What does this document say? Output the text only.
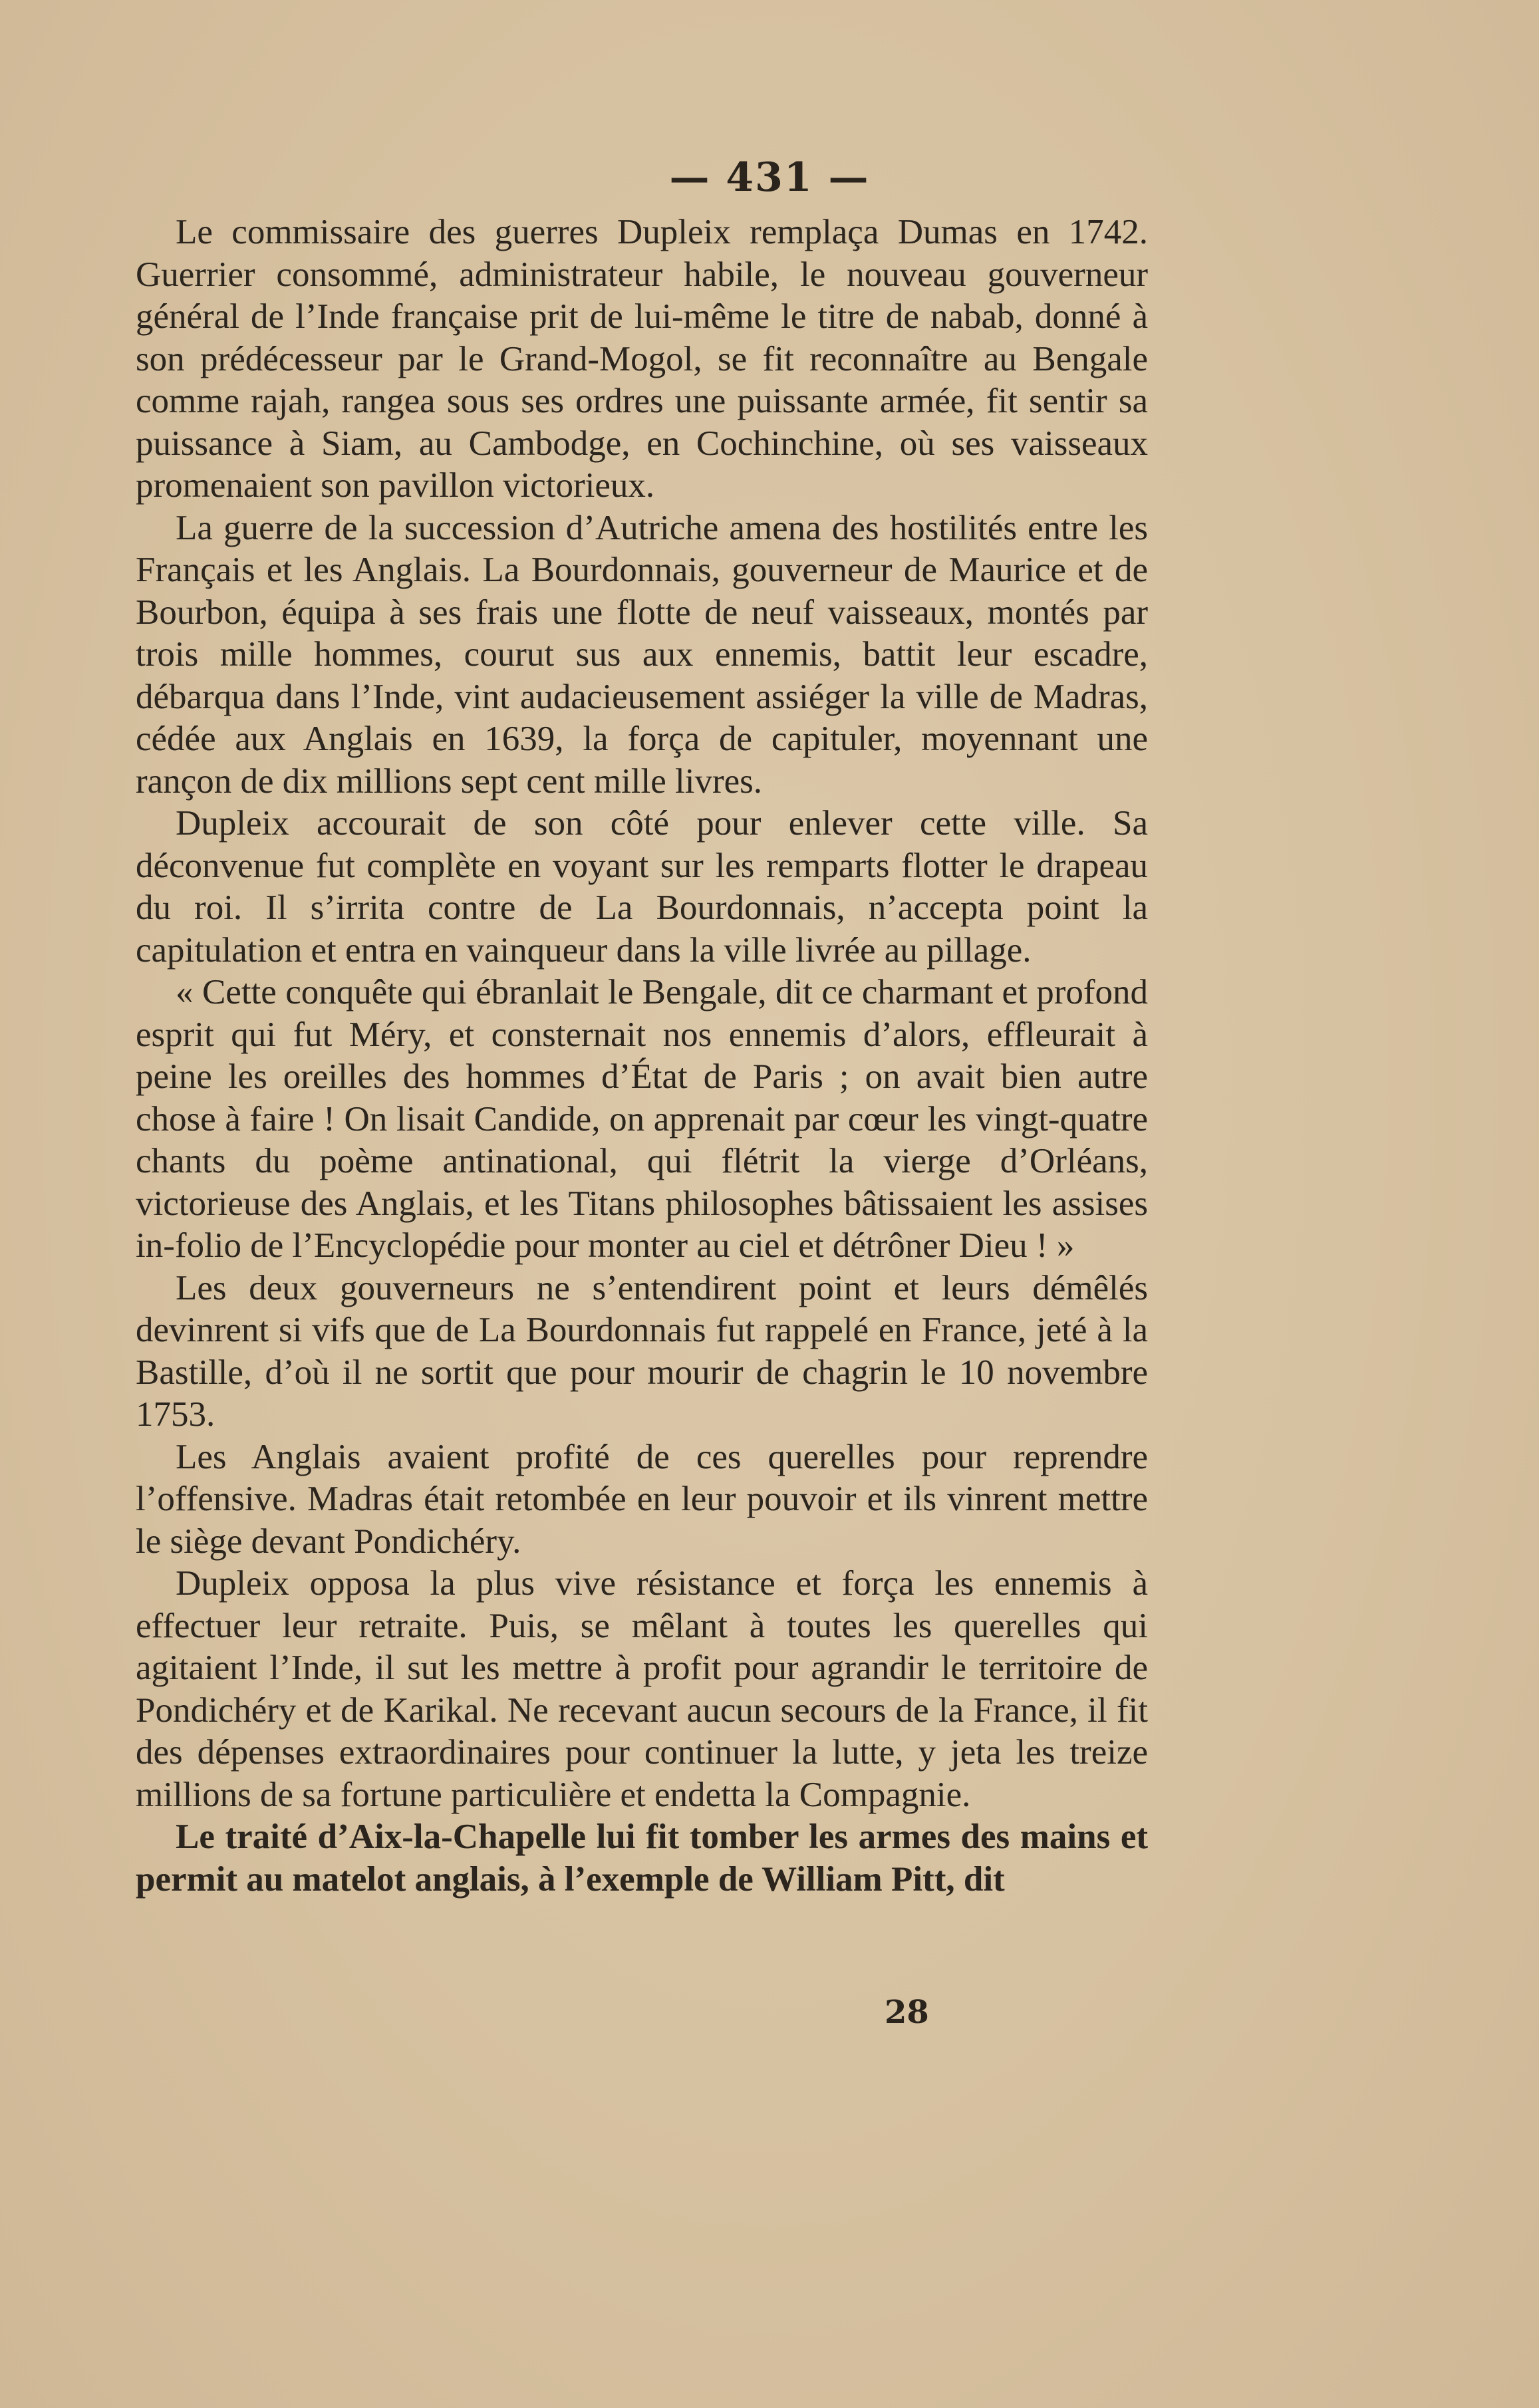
— 431 —

Le commissaire des guerres Dupleix remplaça Dumas en 1742. Guerrier consommé, administrateur habile, le nouveau gouverneur général de l’Inde française prit de lui-même le titre de nabab, donné à son prédécesseur par le Grand-Mogol, se fit reconnaître au Bengale comme rajah, rangea sous ses ordres une puissante armée, fit sentir sa puissance à Siam, au Cambodge, en Cochinchine, où ses vaisseaux promenaient son pavillon victorieux.

La guerre de la succession d’Autriche amena des hostilités entre les Français et les Anglais. La Bourdonnais, gouverneur de Maurice et de Bourbon, équipa à ses frais une flotte de neuf vaisseaux, montés par trois mille hommes, courut sus aux ennemis, battit leur escadre, débarqua dans l’Inde, vint audacieusement assiéger la ville de Madras, cédée aux Anglais en 1639, la força de capituler, moyennant une rançon de dix millions sept cent mille livres.

Dupleix accourait de son côté pour enlever cette ville. Sa déconvenue fut complète en voyant sur les remparts flotter le drapeau du roi. Il s’irrita contre de La Bourdonnais, n’accepta point la capitulation et entra en vainqueur dans la ville livrée au pillage.

« Cette conquête qui ébranlait le Bengale, dit ce charmant et profond esprit qui fut Méry, et consternait nos ennemis d’alors, effleurait à peine les oreilles des hommes d’État de Paris ; on avait bien autre chose à faire ! On lisait Candide, on apprenait par cœur les vingt-quatre chants du poème antinational, qui flétrit la vierge d’Orléans, victorieuse des Anglais, et les Titans philosophes bâtissaient les assises in-folio de l’Encyclopédie pour monter au ciel et détrôner Dieu ! »

Les deux gouverneurs ne s’entendirent point et leurs démêlés devinrent si vifs que de La Bourdonnais fut rappelé en France, jeté à la Bastille, d’où il ne sortit que pour mourir de chagrin le 10 novembre 1753.

Les Anglais avaient profité de ces querelles pour reprendre l’offensive. Madras était retombée en leur pouvoir et ils vinrent mettre le siège devant Pondichéry.

Dupleix opposa la plus vive résistance et força les ennemis à effectuer leur retraite. Puis, se mêlant à toutes les querelles qui agitaient l’Inde, il sut les mettre à profit pour agrandir le territoire de Pondichéry et de Karikal. Ne recevant aucun secours de la France, il fit des dépenses extraordinaires pour continuer la lutte, y jeta les treize millions de sa fortune particulière et endetta la Compagnie.

Le traité d’Aix-la-Chapelle lui fit tomber les armes des mains et permit au matelot anglais, à l’exemple de William Pitt, dit

28
